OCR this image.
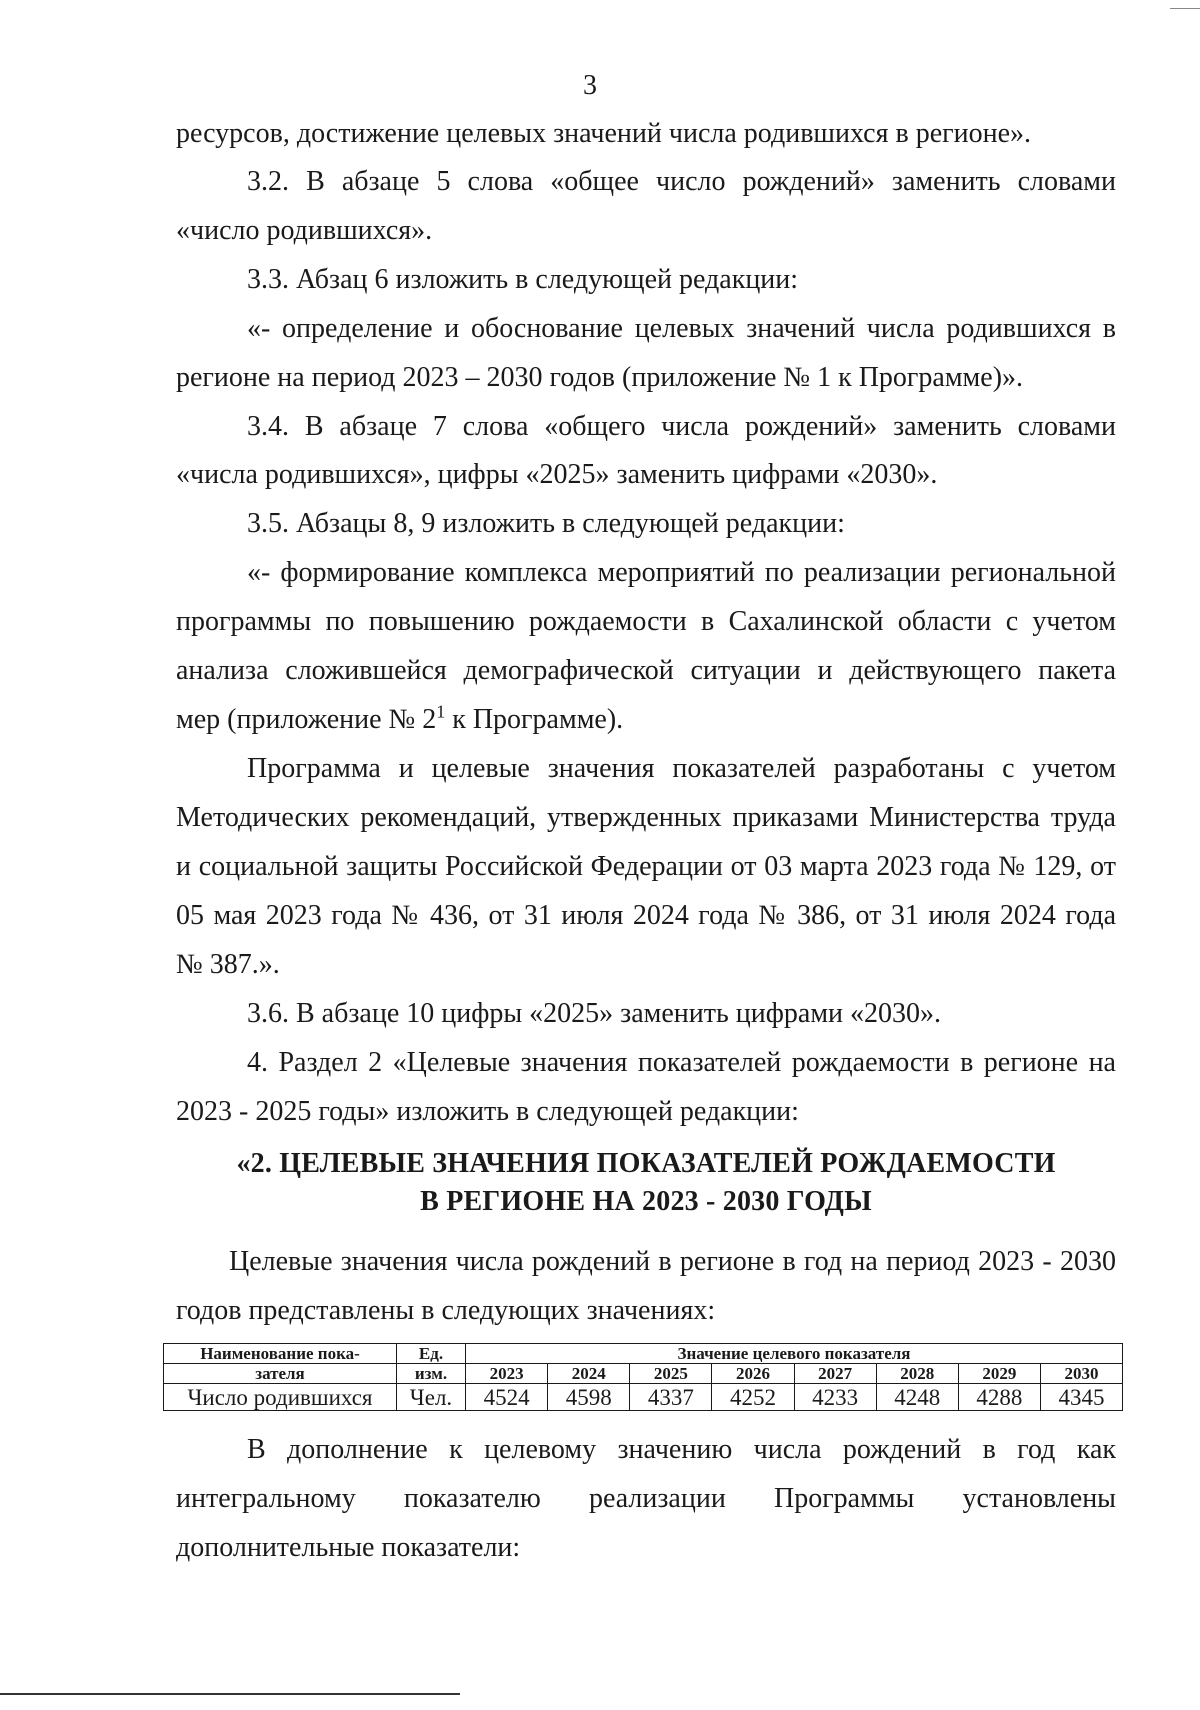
3
ресурсов, достижение целевых значений числа родившихся в регионе».
3.2. В абзаце 5 слова «общее число рождений» заменить словами
«число родившихся».
3.3. Абзац 6 изложить в следующей редакции:
«- определение и обоснование целевых значений числа родившихся в
регионе на период 2023 – 2030 годов (приложение № 1 к Программе)».
3.4. В абзаце 7 слова «общего числа рождений» заменить словами
«числа родившихся», цифры «2025» заменить цифрами «2030».
3.5. Абзацы 8, 9 изложить в следующей редакции:
«- формирование комплекса мероприятий по реализации региональной
программы по повышению рождаемости в Сахалинской области с учетом
анализа сложившейся демографической ситуации и действующего пакета
мер (приложение № $2^1$ к Программе).
Программа и целевые значения показателей разработаны с учетом
Методических рекомендаций, утвержденных приказами Министерства труда
и социальной защиты Российской Федерации от 03 марта 2023 года № 129, от
05 мая 2023 года № 436, от 31 июля 2024 года № 386, от 31 июля 2024 года
№ 387.».
3.6. В абзаце 10 цифры «2025» заменить цифрами «2030».
4. Раздел 2 «Целевые значения показателей рождаемости в регионе на
2023 - 2025 годы» изложить в следующей редакции:
«2. ЦЕЛЕВЫЕ ЗНАЧЕНИЯ ПОКАЗАТЕЛЕЙ РОЖДАЕМОСТИ
В РЕГИОНЕ НА 2023 - 2030 ГОДЫ
Целевые значения числа рождений в регионе в год на период 2023 - 2030
годов представлены в следующих значениях:
Наименование пока-	Ед.	Значение целевого показателя							
зателя	изм.	2023	2024	2025	2026	2027	2028	2029	2030
Число родившихся	Чел.	4524	4598	4337	4252	4233	4248	4288	4345
В дополнение к целевому значению числа рождений в год как
интегральному показателю реализации Программы установлены
дополнительные показатели:
